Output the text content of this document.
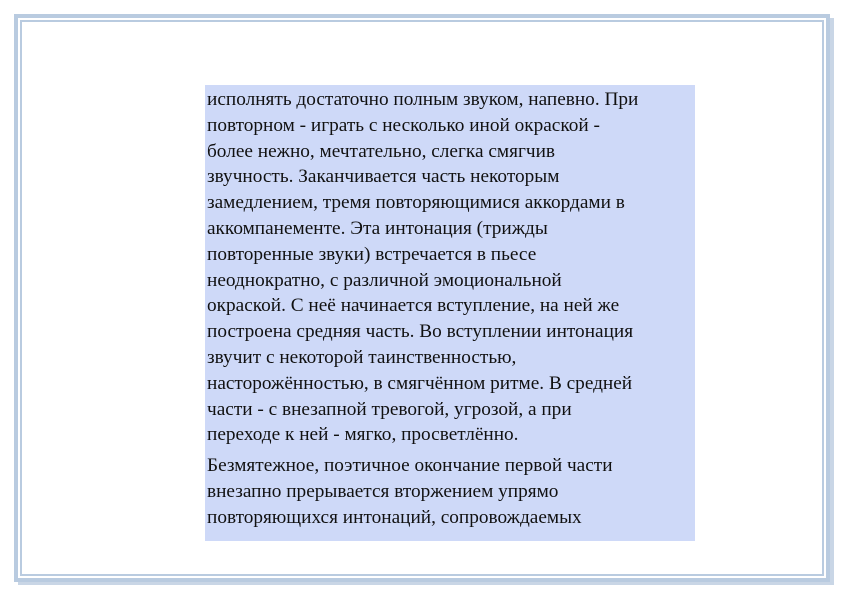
исполнять достаточно полным звуком, напевно. При
повторном - играть с несколько иной окраской -
более нежно, мечтательно, слегка смягчив
звучность. Заканчивается часть некоторым
замедлением, тремя повторяющимися аккордами в
аккомпанементе. Эта интонация (трижды
повторенные звуки) встречается в пьесе
неоднократно, с различной эмоциональной
окраской. С неё начинается вступление, на ней же
построена средняя часть. Во вступлении интонация
звучит с некоторой таинственностью,
насторожённостью, в смягчённом ритме. В средней
части - с внезапной тревогой, угрозой, а при
переходе к ней - мягко, просветлённо.

Безмятежное, поэтичное окончание первой части
внезапно прерывается вторжением упрямо
повторяющихся интонаций, сопровождаемых
